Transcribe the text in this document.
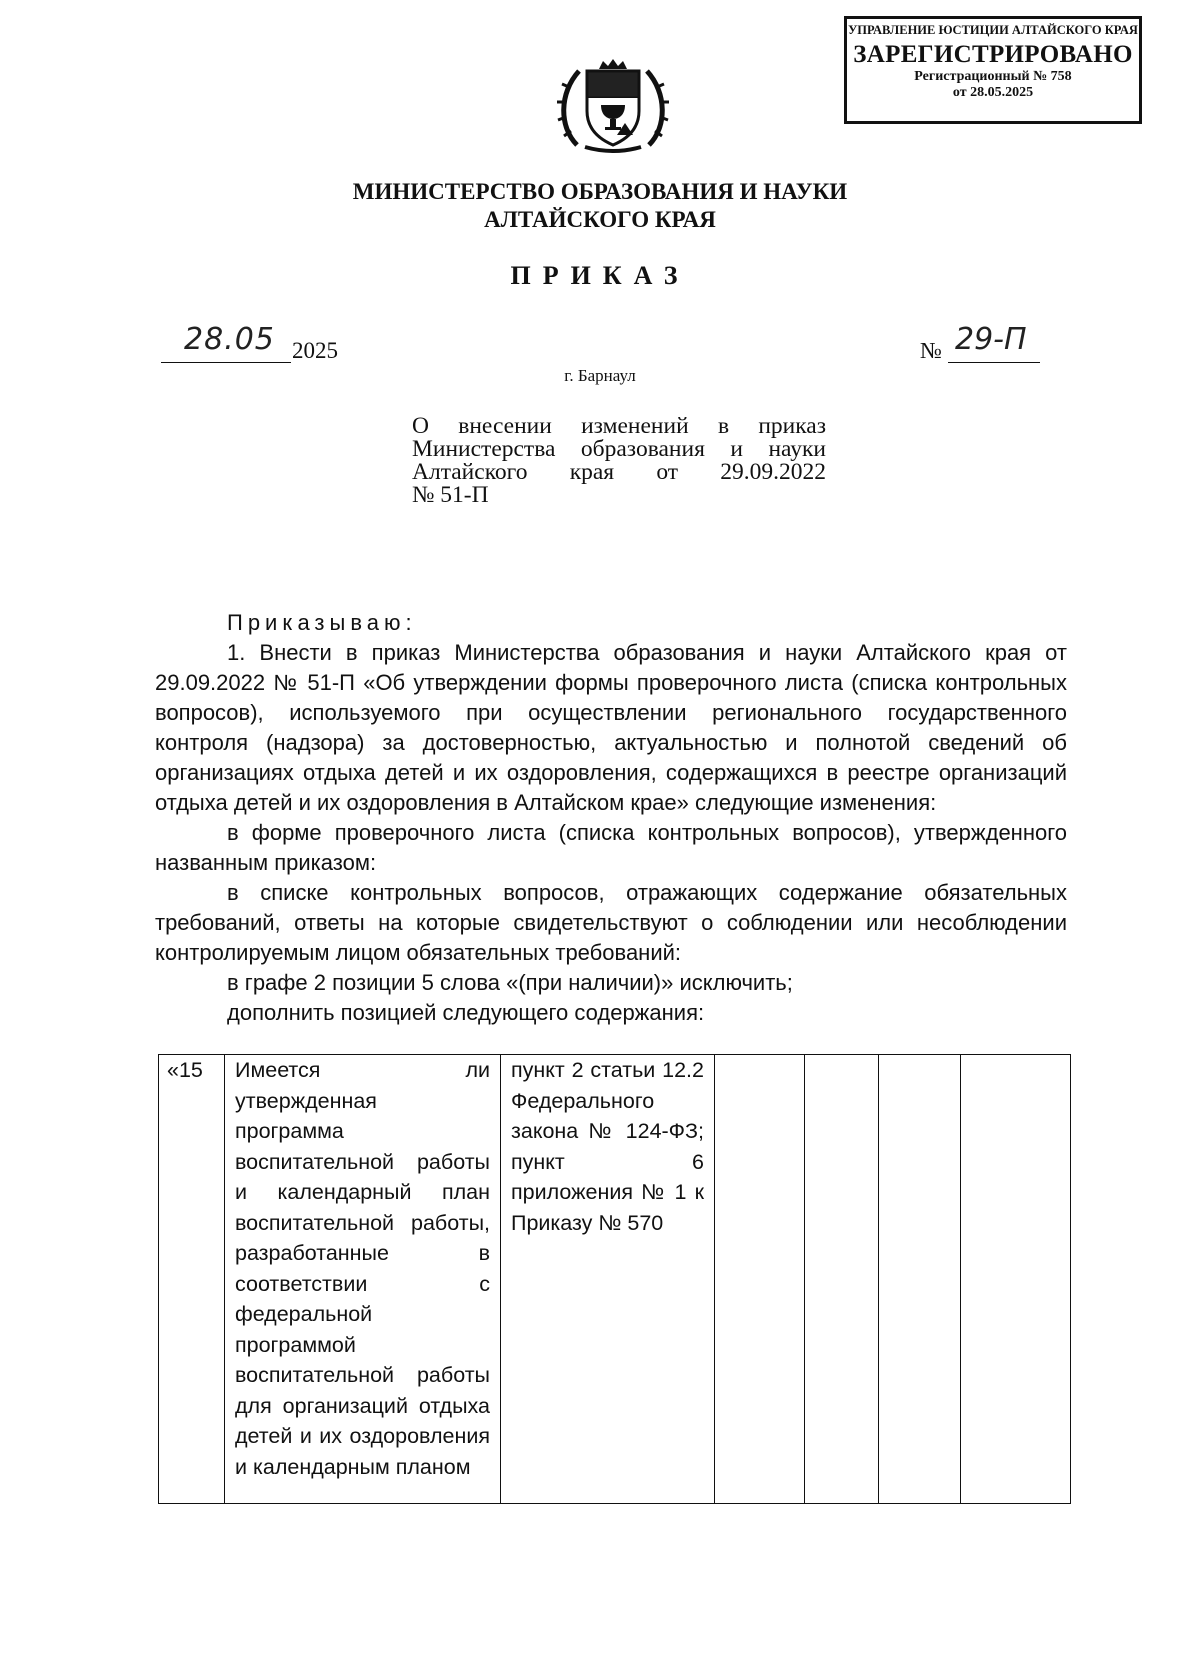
УПРАВЛЕНИЕ ЮСТИЦИИ АЛТАЙСКОГО КРАЯ
ЗАРЕГИСТРИРОВАНО
Регистрационный № 758
от 28.05.2025
МИНИСТЕРСТВО ОБРАЗОВАНИЯ И НАУКИ
АЛТАЙСКОГО КРАЯ
ПРИКАЗ
28.05 2025	№ 29-П
г. Барнаул
О внесении изменений в приказ
Министерства образования и науки
Алтайского края от 29.09.2022
№ 51-П

Приказываю:

1. Внести в приказ Министерства образования и науки Алтайского края от 29.09.2022 № 51-П «Об утверждении формы проверочного листа (списка контрольных вопросов), используемого при осуществлении регионального государственного контроля (надзора) за достоверностью, актуальностью и полнотой сведений об организациях отдыха детей и их оздоровления, содержащихся в реестре организаций отдыха детей и их оздоровления в Алтайском крае» следующие изменения:

в форме проверочного листа (списка контрольных вопросов), утвержденного названным приказом:

в списке контрольных вопросов, отражающих содержание обязательных требований, ответы на которые свидетельствуют о соблюдении или несоблюдении контролируемым лицом обязательных требований:

в графе 2 позиции 5 слова «(при наличии)» исключить;

дополнить позицией следующего содержания:

«15	Имеется ли утвержденная программа воспитательной работы и календарный план воспитательной работы, разработанные в соответствии с федеральной программой воспитательной работы для организаций отдыха детей и их оздоровления и календарным планом	пункт 2 статьи 12.2 Федерального закона № 124-ФЗ; пункт 6 приложения № 1 к Приказу № 570				
